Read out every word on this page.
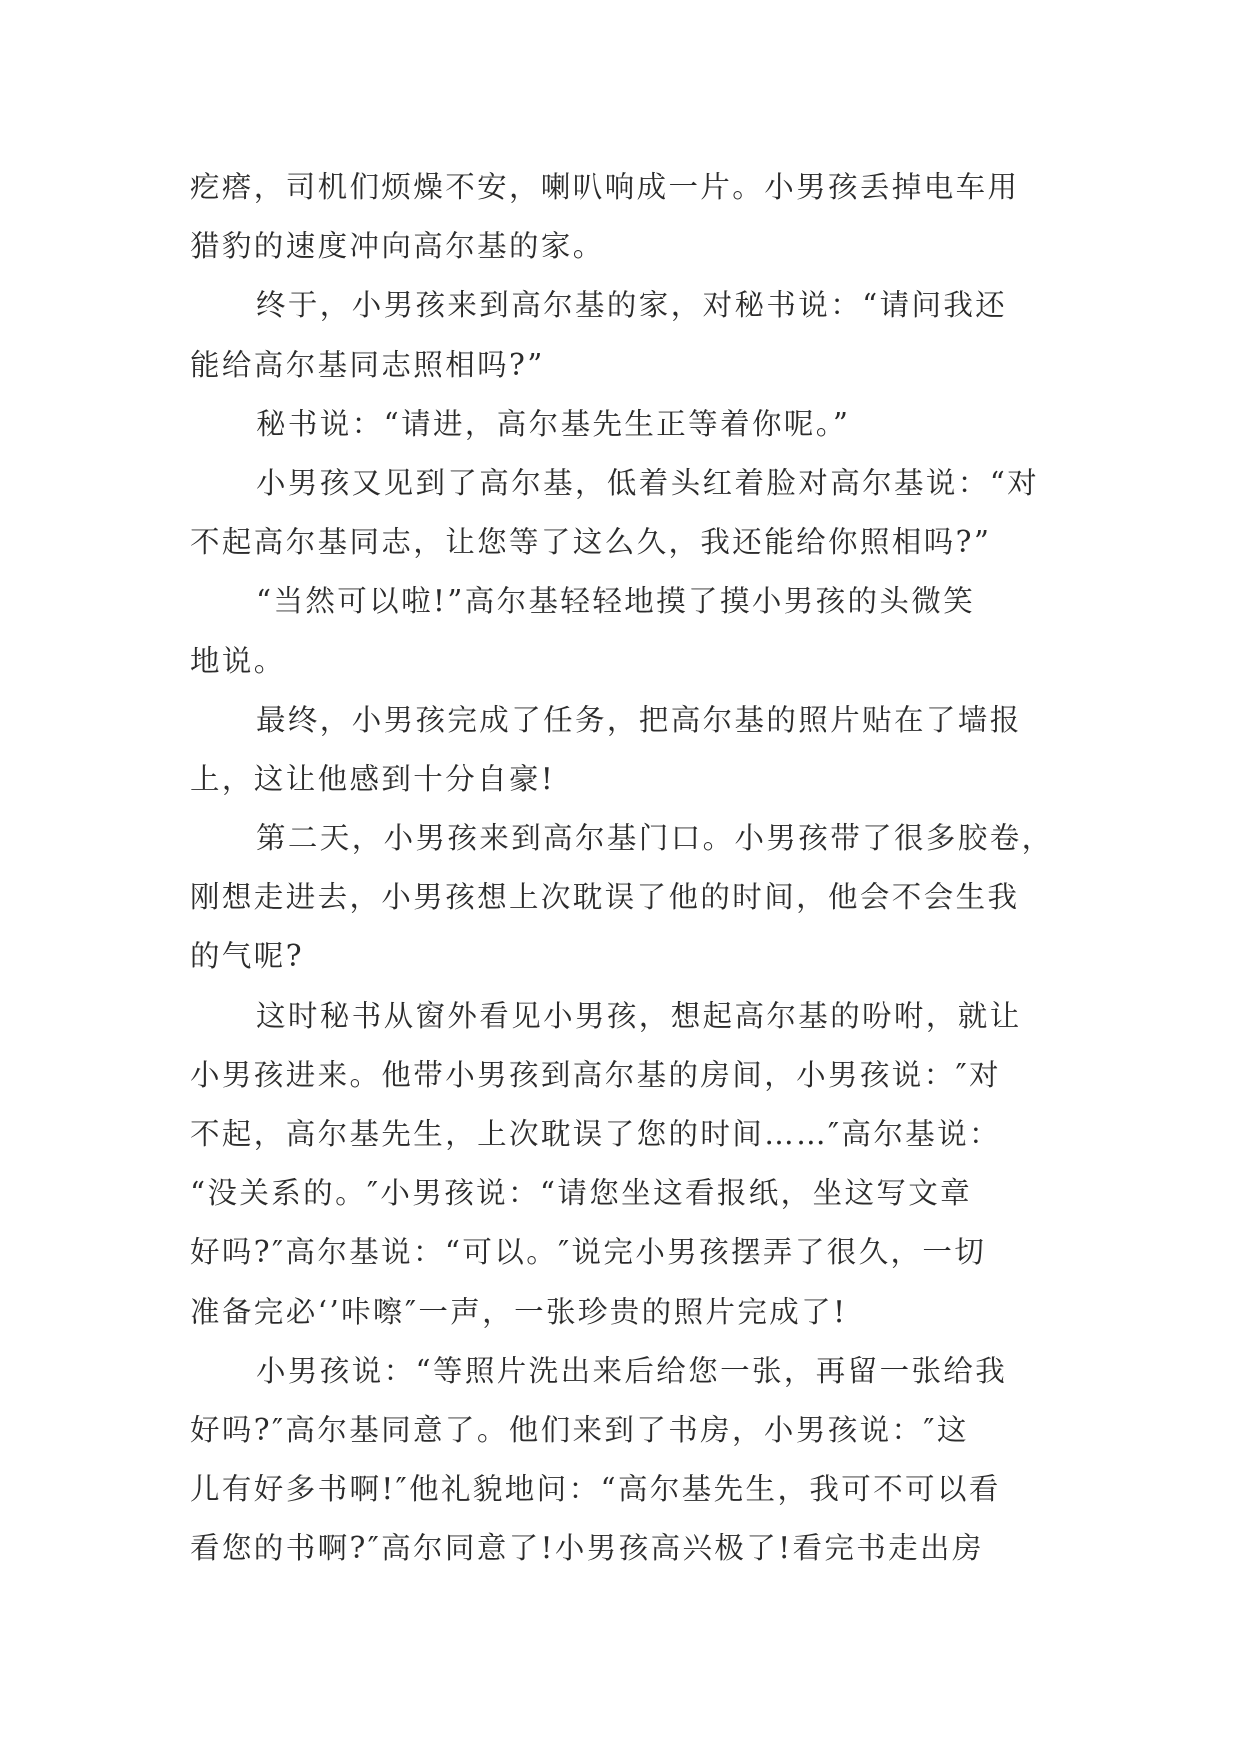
疙瘩，司机们烦燥不安，喇叭响成一片。小男孩丢掉电车用
猎豹的速度冲向高尔基的家。
终于，小男孩来到高尔基的家，对秘书说：“请问我还
能给高尔基同志照相吗?”
秘书说：“请进，高尔基先生正等着你呢。”
小男孩又见到了高尔基，低着头红着脸对高尔基说：“对
不起高尔基同志，让您等了这么久，我还能给你照相吗?”
“当然可以啦!”高尔基轻轻地摸了摸小男孩的头微笑
地说。
最终，小男孩完成了任务，把高尔基的照片贴在了墙报
上，这让他感到十分自豪!
第二天，小男孩来到高尔基门口。小男孩带了很多胶卷，
刚想走进去，小男孩想上次耽误了他的时间，他会不会生我
的气呢?
这时秘书从窗外看见小男孩，想起高尔基的吩咐，就让
小男孩进来。他带小男孩到高尔基的房间，小男孩说：″对
不起，高尔基先生，上次耽误了您的时间……″高尔基说：
“没关系的。″小男孩说：“请您坐这看报纸，坐这写文章
好吗?″高尔基说：“可以。″说完小男孩摆弄了很久，一切
准备完必‘’咔嚓″一声，一张珍贵的照片完成了!
小男孩说：“等照片洗出来后给您一张，再留一张给我
好吗?″高尔基同意了。他们来到了书房，小男孩说：″这
儿有好多书啊!″他礼貌地问：“高尔基先生，我可不可以看
看您的书啊?″高尔同意了!小男孩高兴极了!看完书走出房
